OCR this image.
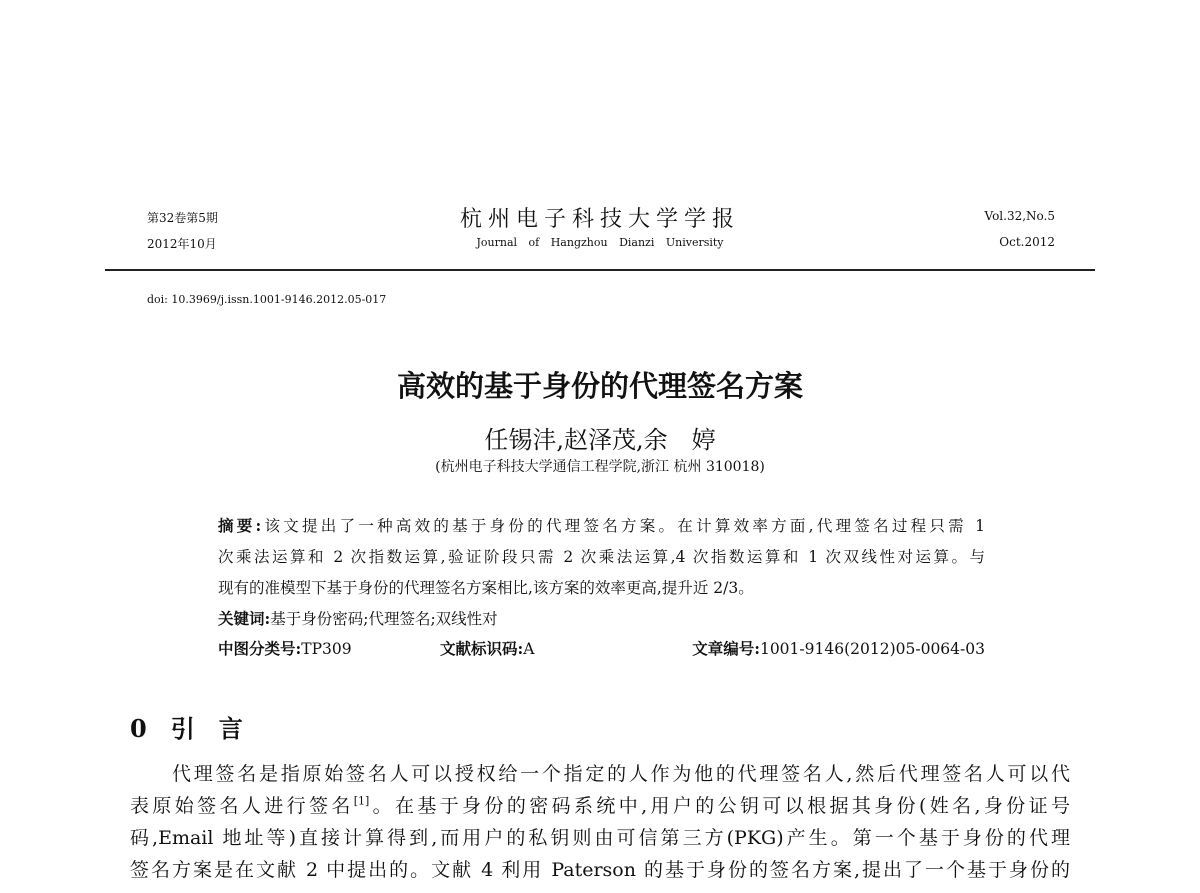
第32卷第5期
2012年10月
杭州电子科技大学学报
Journal of Hangzhou Dianzi University
Vol.32,No.5
Oct.2012
doi: 10.3969/j.issn.1001-9146.2012.05-017
高效的基于身份的代理签名方案
任锡沣,赵泽茂,余　婷
(杭州电子科技大学通信工程学院,浙江 杭州 310018)
摘要:该文提出了一种高效的基于身份的代理签名方案。在计算效率方面,代理签名过程只需 1
次乘法运算和 2 次指数运算,验证阶段只需 2 次乘法运算,4 次指数运算和 1 次双线性对运算。与
现有的准模型下基于身份的代理签名方案相比,该方案的效率更高,提升近 2/3。
关键词:基于身份密码;代理签名;双线性对
中图分类号:TP309	文献标识码:A	文章编号:1001-9146(2012)05-0064-03
0　引　言
代理签名是指原始签名人可以授权给一个指定的人作为他的代理签名人,然后代理签名人可以代
表原始签名人进行签名[1]。在基于身份的密码系统中,用户的公钥可以根据其身份(姓名,身份证号
码,Email 地址等)直接计算得到,而用户的私钥则由可信第三方(PKG)产生。第一个基于身份的代理
签名方案是在文献 2 中提出的。文献 4 利用 Paterson 的基于身份的签名方案,提出了一个基于身份的
